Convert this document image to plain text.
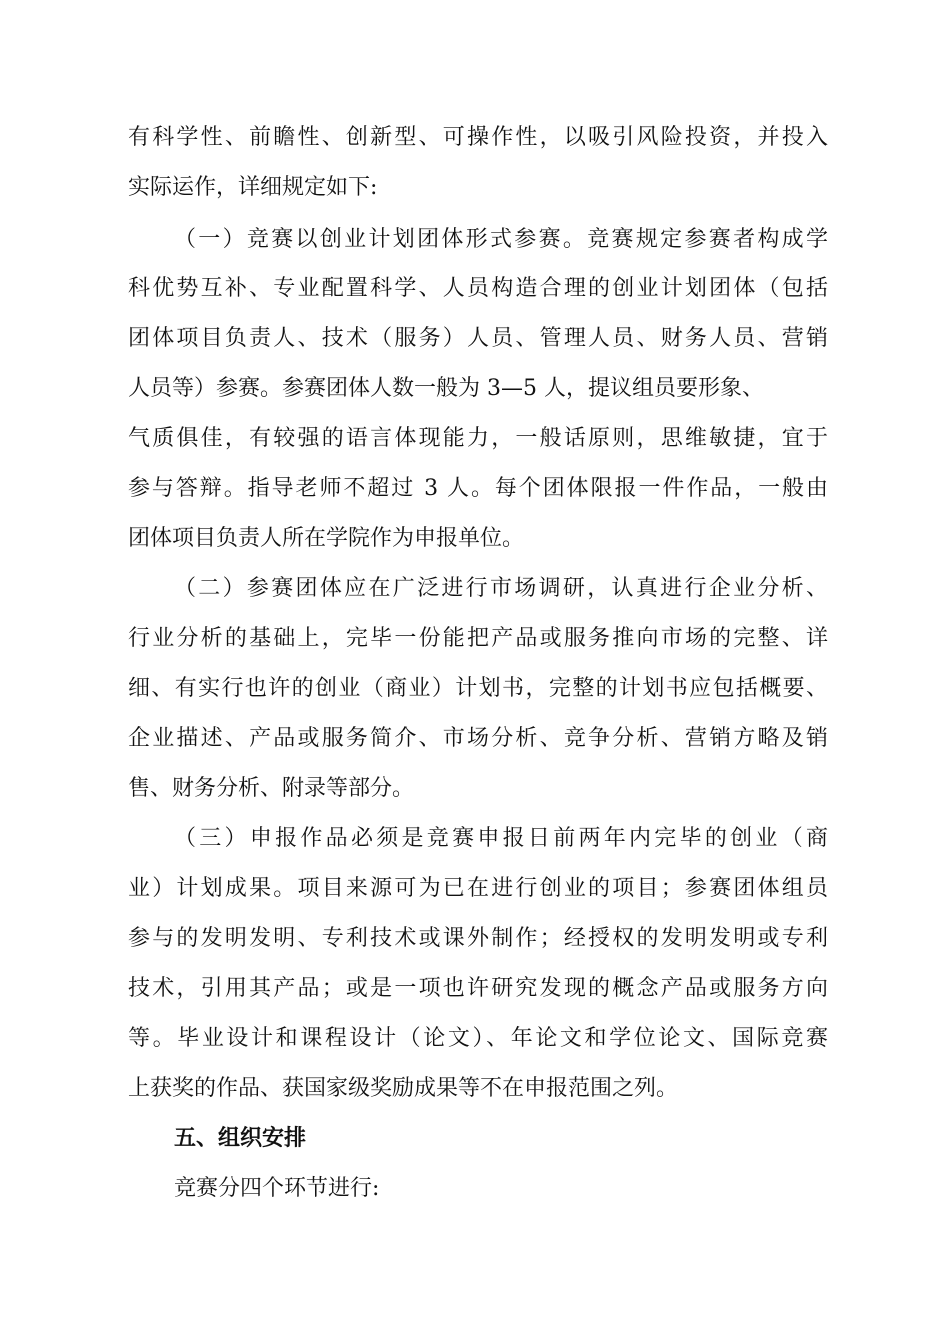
有科学性、前瞻性、创新型、可操作性，以吸引风险投资，并投入
实际运作，详细规定如下:
（一）竞赛以创业计划团体形式参赛。竞赛规定参赛者构成学
科优势互补、专业配置科学、人员构造合理的创业计划团体（包括
团体项目负责人、技术（服务）人员、管理人员、财务人员、营销
人员等）参赛。参赛团体人数一般为 3—5 人，提议组员要形象、
气质俱佳，有较强的语言体现能力，一般话原则，思维敏捷，宜于
参与答辩。指导老师不超过 3 人。每个团体限报一件作品，一般由
团体项目负责人所在学院作为申报单位。
（二）参赛团体应在广泛进行市场调研，认真进行企业分析、
行业分析的基础上，完毕一份能把产品或服务推向市场的完整、详
细、有实行也许的创业（商业）计划书，完整的计划书应包括概要、
企业描述、产品或服务简介、市场分析、竞争分析、营销方略及销
售、财务分析、附录等部分。
（三）申报作品必须是竞赛申报日前两年内完毕的创业（商
业）计划成果。项目来源可为已在进行创业的项目；参赛团体组员
参与的发明发明、专利技术或课外制作；经授权的发明发明或专利
技术，引用其产品；或是一项也许研究发现的概念产品或服务方向
等。毕业设计和课程设计（论文）、年论文和学位论文、国际竞赛
上获奖的作品、获国家级奖励成果等不在申报范围之列。
五、组织安排
竞赛分四个环节进行:
